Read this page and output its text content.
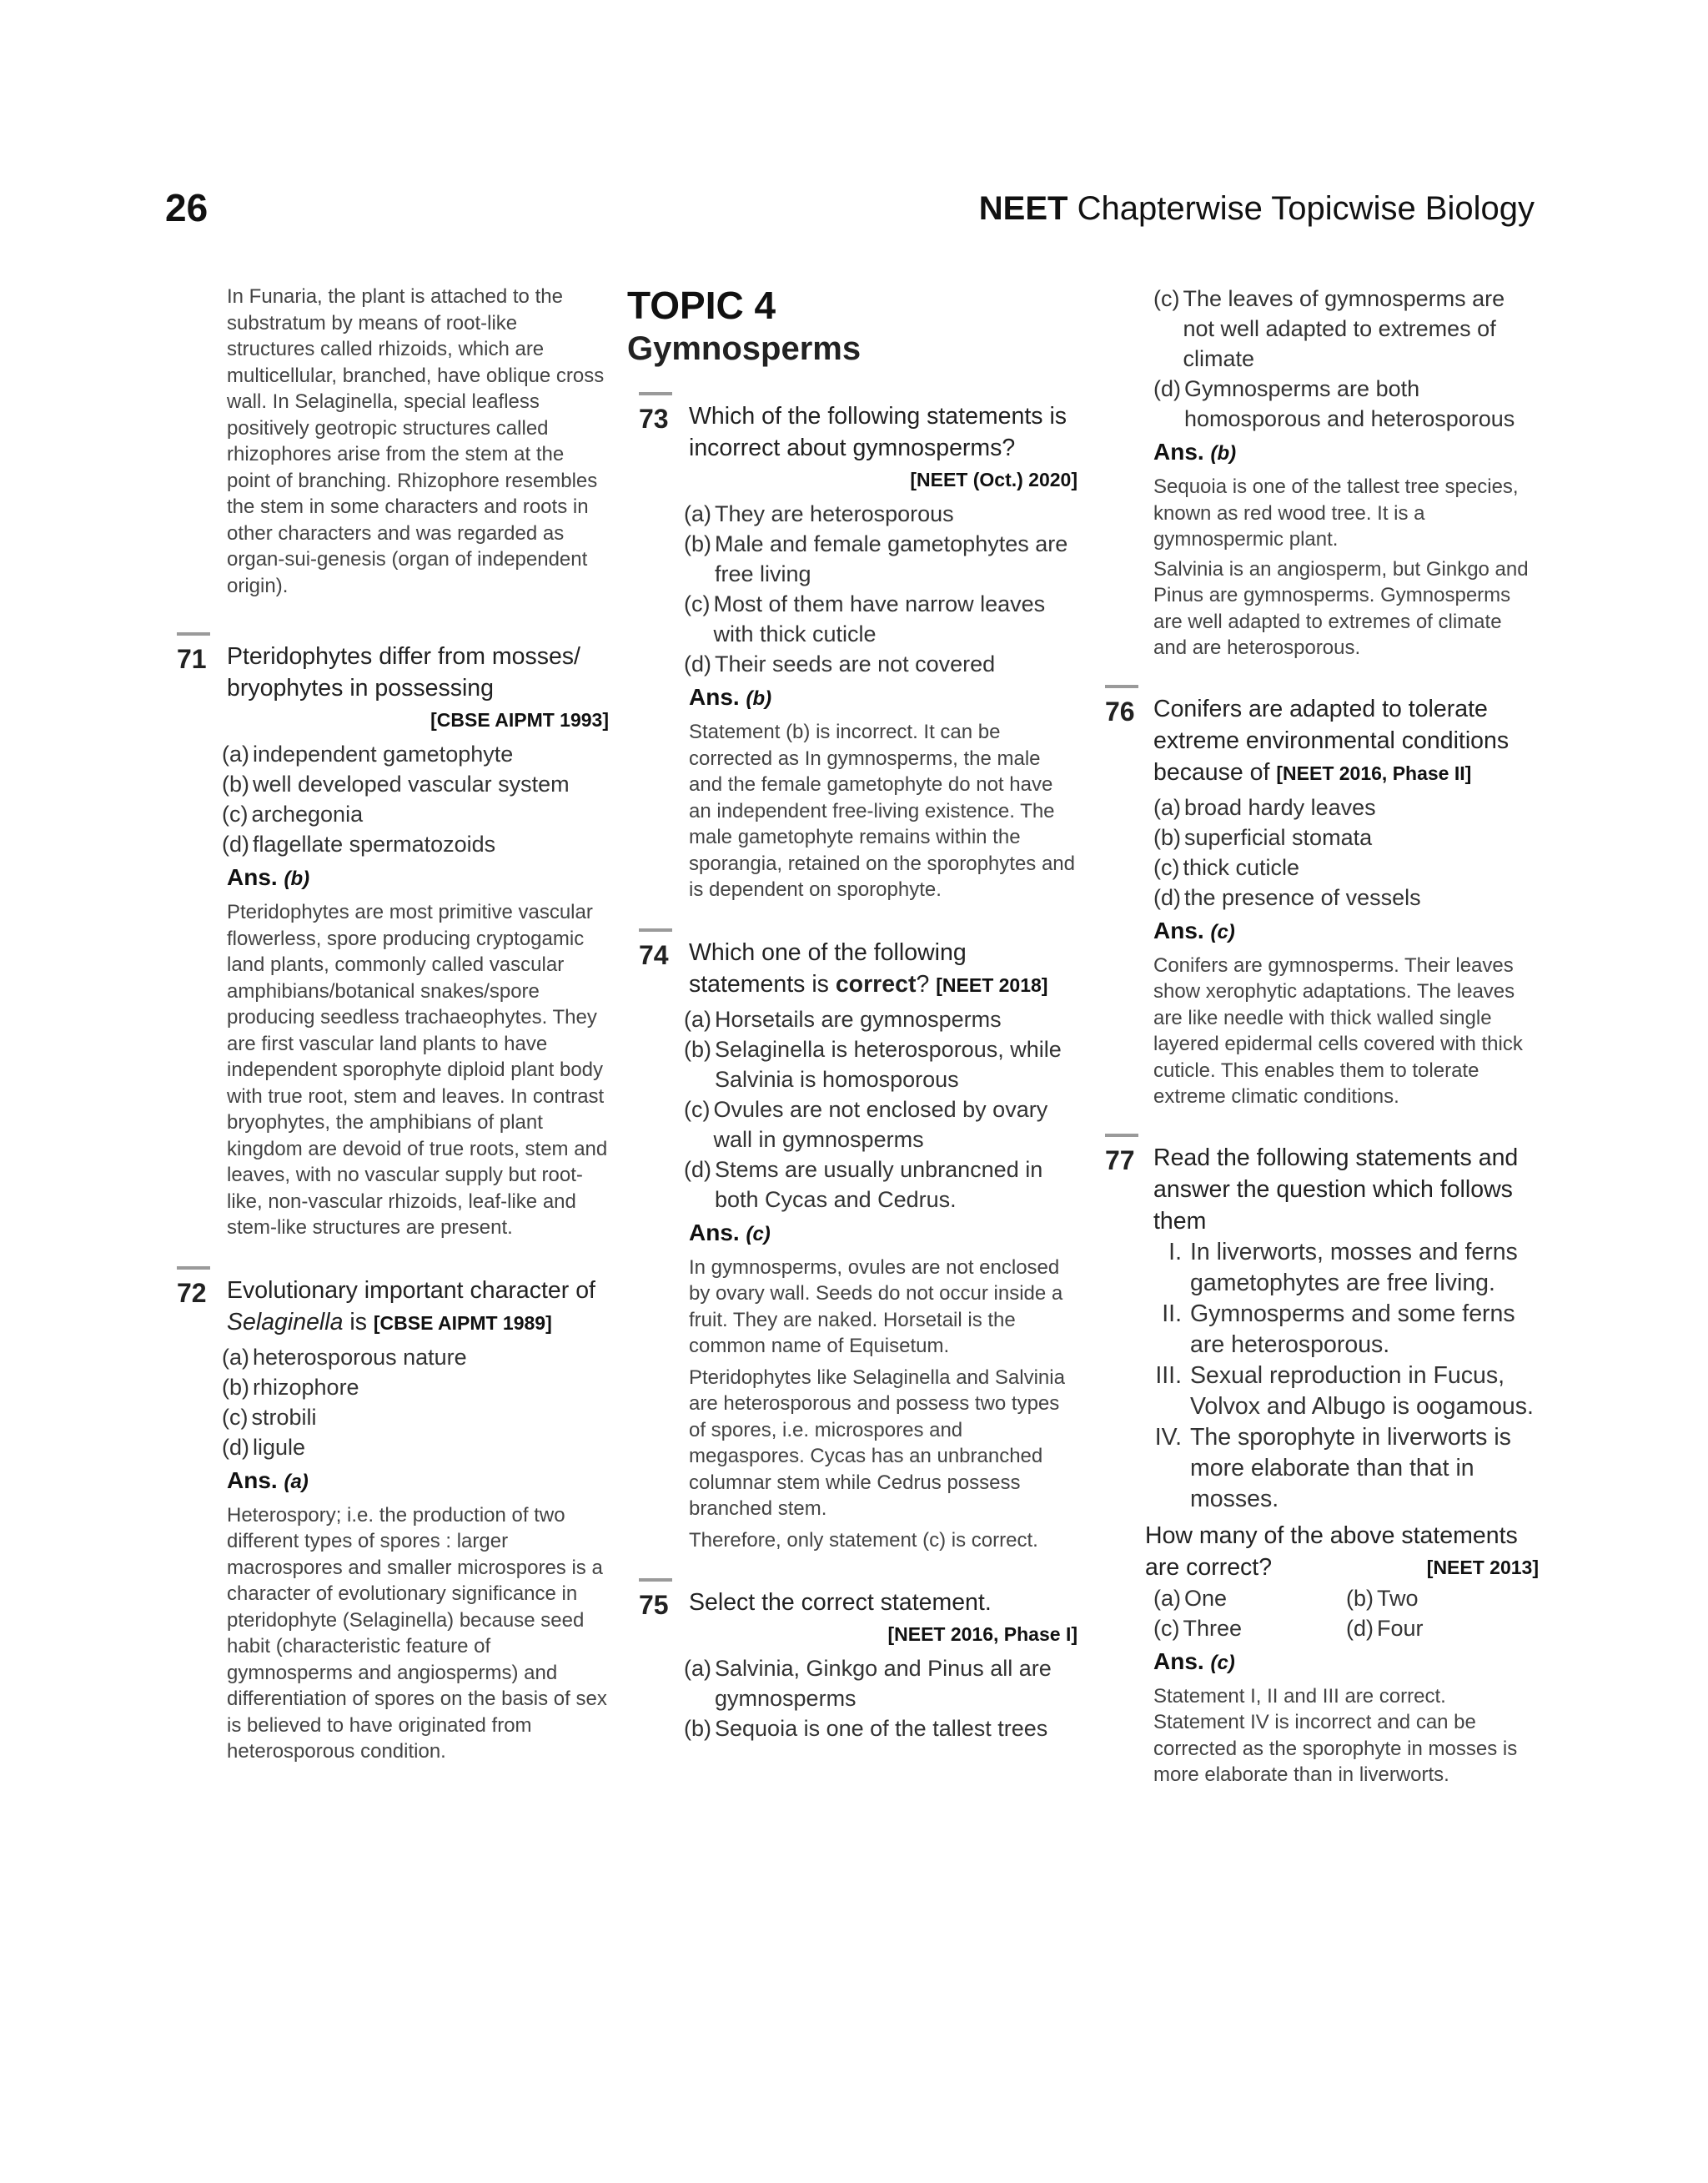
26	NEET Chapterwise Topicwise Biology

In Funaria, the plant is attached to the substratum by means of root-like structures called rhizoids, which are multicellular, branched, have oblique cross wall. In Selaginella, special leafless positively geotropic structures called rhizophores arise from the stem at the point of branching. Rhizophore resembles the stem in some characters and roots in other characters and was regarded as organ-sui-genesis (organ of independent origin).

71 Pteridophytes differ from mosses/ bryophytes in possessing
[CBSE AIPMT 1993]
(a) independent gametophyte
(b) well developed vascular system
(c) archegonia
(d) flagellate spermatozoids
Ans. (b)

Pteridophytes are most primitive vascular flowerless, spore producing cryptogamic land plants, commonly called vascular amphibians/botanical snakes/spore producing seedless trachaeophytes. They are first vascular land plants to have independent sporophyte diploid plant body with true root, stem and leaves. In contrast bryophytes, the amphibians of plant kingdom are devoid of true roots, stem and leaves, with no vascular supply but root-like, non-vascular rhizoids, leaf-like and stem-like structures are present.

72 Evolutionary important character of Selaginella is [CBSE AIPMT 1989]
(a) heterosporous nature
(b) rhizophore
(c) strobili
(d) ligule
Ans. (a)

Heterospory; i.e. the production of two different types of spores : larger macrospores and smaller microspores is a character of evolutionary significance in pteridophyte (Selaginella) because seed habit (characteristic feature of gymnosperms and angiosperms) and differentiation of spores on the basis of sex is believed to have originated from heterosporous condition.

TOPIC 4
Gymnosperms
73 Which of the following statements is incorrect about gymnosperms?
[NEET (Oct.) 2020]
(a) They are heterosporous
(b) Male and female gametophytes are free living
(c) Most of them have narrow leaves with thick cuticle
(d) Their seeds are not covered
Ans. (b)

Statement (b) is incorrect. It can be corrected as In gymnosperms, the male and the female gametophyte do not have an independent free-living existence. The male gametophyte remains within the sporangia, retained on the sporophytes and is dependent on sporophyte.

74 Which one of the following statements is correct? [NEET 2018]
(a) Horsetails are gymnosperms
(b) Selaginella is heterosporous, while Salvinia is homosporous
(c) Ovules are not enclosed by ovary wall in gymnosperms
(d) Stems are usually unbrancned in both Cycas and Cedrus.
Ans. (c)

In gymnosperms, ovules are not enclosed by ovary wall. Seeds do not occur inside a fruit. They are naked. Horsetail is the common name of Equisetum.

Pteridophytes like Selaginella and Salvinia are heterosporous and possess two types of spores, i.e. microspores and megaspores. Cycas has an unbranched columnar stem while Cedrus possess branched stem.

Therefore, only statement (c) is correct.

75 Select the correct statement.
[NEET 2016, Phase I]
(a) Salvinia, Ginkgo and Pinus all are gymnosperms
(b) Sequoia is one of the tallest trees
(c) The leaves of gymnosperms are not well adapted to extremes of climate
(d) Gymnosperms are both homosporous and heterosporous
Ans. (b)

Sequoia is one of the tallest tree species, known as red wood tree. It is a gymnospermic plant.

Salvinia is an angiosperm, but Ginkgo and Pinus are gymnosperms. Gymnosperms are well adapted to extremes of climate and are heterosporous.

76 Conifers are adapted to tolerate extreme environmental conditions because of [NEET 2016, Phase II]
(a) broad hardy leaves
(b) superficial stomata
(c) thick cuticle
(d) the presence of vessels
Ans. (c)

Conifers are gymnosperms. Their leaves show xerophytic adaptations. The leaves are like needle with thick walled single layered epidermal cells covered with thick cuticle. This enables them to tolerate extreme climatic conditions.

77 Read the following statements and answer the question which follows them
I. In liverworts, mosses and ferns gametophytes are free living.
II. Gymnosperms and some ferns are heterosporous.
III. Sexual reproduction in Fucus, Volvox and Albugo is oogamous.
IV. The sporophyte in liverworts is more elaborate than that in mosses.
How many of the above statements are correct?	[NEET 2013]
(a) One	(b) Two
(c) Three	(d) Four
Ans. (c)

Statement I, II and III are correct. Statement IV is incorrect and can be corrected as the sporophyte in mosses is more elaborate than in liverworts.
